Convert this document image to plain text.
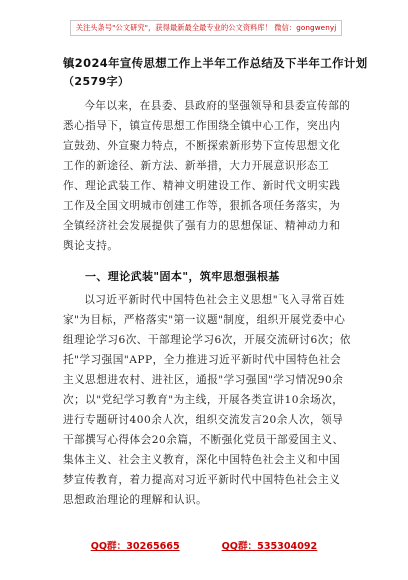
关注头条号"公文研究"，获得最新最全最专业的公文资料库！ 微信：gongwenyj
镇2024年宣传思想工作上半年工作总结及下半年工作计划
（2579字）

今年以来，在县委、县政府的坚强领导和县委宣传部的悉心指导下，镇宣传思想工作围绕全镇中心工作，突出内宣鼓劲、外宣聚力特点，不断探索新形势下宣传思想文化工作的新途径、新方法、新举措，大力开展意识形态工作、理论武装工作、精神文明建设工作、新时代文明实践工作及全国文明城市创建工作等，狠抓各项任务落实，为全镇经济社会发展提供了强有力的思想保证、精神动力和舆论支持。

一、理论武装"固本"，筑牢思想强根基

以习近平新时代中国特色社会主义思想"飞入寻常百姓家"为目标，严格落实"第一议题"制度，组织开展党委中心组理论学习6次、干部理论学习6次，开展交流研讨6次；依托"学习强国"APP，全力推进习近平新时代中国特色社会主义思想进农村、进社区，通报"学习强国"学习情况90余次；以"党纪学习教育"为主线，开展各类宣讲10余场次，进行专题研讨400余人次，组织交流发言20余人次，领导干部撰写心得体会20余篇，不断强化党员干部爱国主义、集体主义、社会主义教育，深化中国特色社会主义和中国梦宣传教育，着力提高对习近平新时代中国特色社会主义思想政治理论的理解和认识。

QQ群：30265665	QQ群：535304092
